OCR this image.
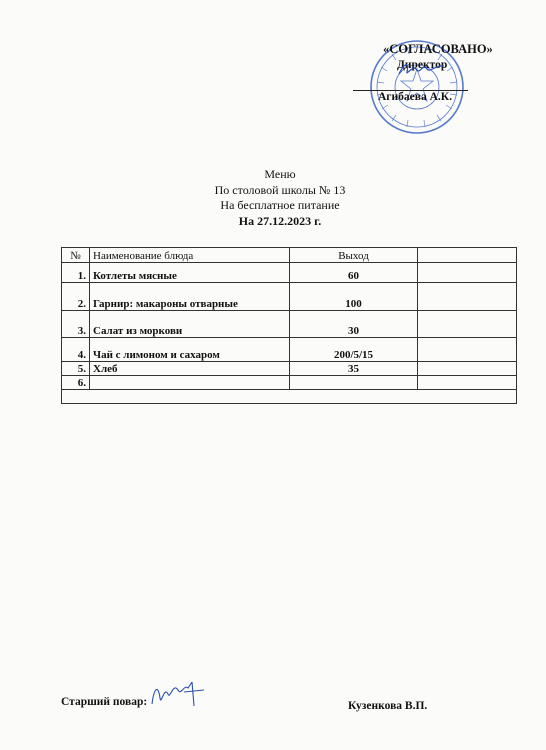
«СОГЛАСОВАНО»
Директор
Агибаева А.К.
Меню
По столовой школы № 13
На бесплатное питание
На 27.12.2023 г.
№	Наименование блюда	Выход	
1.	Котлеты мясные	60	
2.	Гарнир: макароны отварные	100	
3.	Салат из моркови	30	
4.	Чай с лимоном и сахаром	200/5/15	
5.	Хлеб	35	
6.			

Старший повар:	Кузенкова В.П.
